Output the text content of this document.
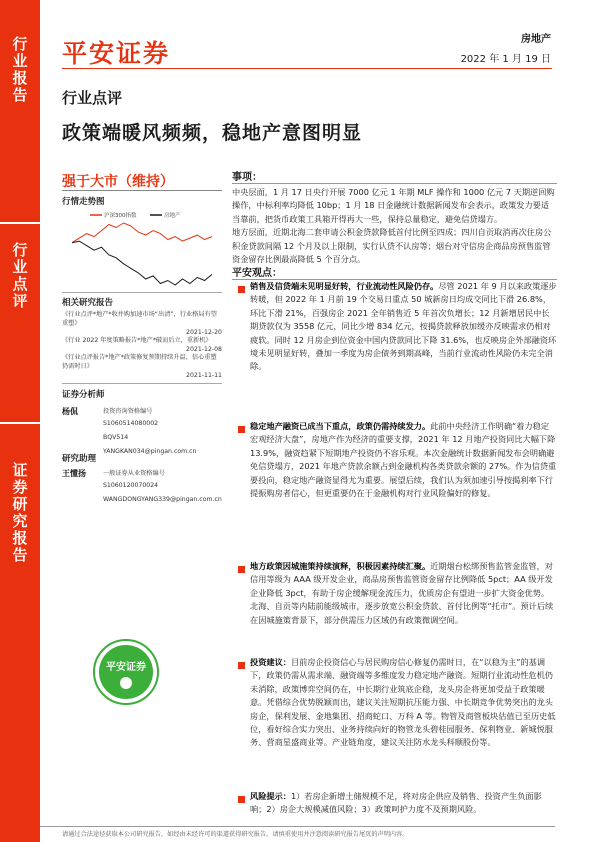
行
业
报
告
行
业
点
评
证
券
研
究
报
告
平安证券	房地产
2022 年 1 月 19 日
行业点评
政策端暖风频频，稳地产意图明显
强于大市（维持）
行情走势图
沪深300指数	房地产
相关研究报告
《行业点评*地产*收并购加速市场“出清”，行业格局有望重塑》
2021-12-20
《行业 2022 年度策略报告*地产*破而后立，重新机》
2021-12-08
《行业点评报告*地产*政策修复预期持续升温，信心重塑仍需时日》
2021-11-11
证券分析师
杨侃	投资咨询资格编号
S1060514080002
BQV514
YANGKAN034@pingan.com.cn
研究助理
王懂扬	一般证券从业资格编号
S1060120070024
WANGDONGYANG339@pingan.com.cn
平安证券
事项：

中央层面，1 月 17 日央行开展 7000 亿元 1 年期 MLF 操作和 1000 亿元 7 天期逆回购操作，中标利率均降低 10bp；1 月 18 日金融统计数据新闻发布会表示，政策发力要适当靠前，把货币政策工具箱开得再大一些，保持总量稳定，避免信贷塌方。

地方层面，近期北海二套申请公积金贷款降低首付比例至四成；四川自贡取消再次住房公积金贷款间隔 12 个月及以上限制，实行认贷不认房等；烟台对守信房企商品房预售监管资金留存比例最高降低 5 个百分点。

平安观点：

销售及信贷端未见明显好转，行业流动性风险仍存。尽管 2021 年 9 月以来政策逐步转暖，但 2022 年 1 月前 19 个交易日重点 50 城新房日均成交同比下滑 26.8%，环比下滑 21%，百强房企 2021 全年销售近 5 年首次负增长；12 月新增居民中长期贷款仅为 3558 亿元，同比少增 834 亿元，按揭贷款释放加缓亦反映需求仍相对疲软。同时 12 月房企到位资金中国内贷款同比下降 31.6%，也反映房企外部融资环境未见明显好转，叠加一季度为房企债务到期高峰，当前行业流动性风险仍未完全消除。

稳定地产融资已成当下重点，政策仍需持续发力。此前中央经济工作明确“着力稳定宏观经济大盘”，房地产作为经济的重要支撑，2021 年 12 月地产投资同比大幅下降 13.9%，融资趋紧下短期地产投资仍不容乐观。本次金融统计数据新闻发布会明确避免信贷塌方，2021 年地产贷款余额占到金融机构各类贷款余额的 27%。作为信贷重要投向，稳定地产融资显得尤为重要。展望后续，我们认为须加速引导按揭利率下行提振购房者信心，但更重要仍在于金融机构对行业风险偏好的修复。

地方政策因城施策持续演释，积极因素持续汇聚。近期烟台松绑预售监管金监管，对信用等级为 AAA 级开发企业，商品房预售监管资金留存比例降低 5pct；AA 级开发企业降低 3pct，有助于房企缓解现金流压力，优质房企有望进一步扩大资金优势。北海、自贡等内陆前能级城市，逐步放宽公积金贷款、首付比例等“托市”。预计后续在因城施策背景下，部分供需压力区域仍有政策微调空间。

投资建议：目前房企投资信心与居民购房信心修复仍需时日，在“以稳为主”的基调下，政策仍需从需求端、融资端等多维度发力稳定地产融资。短期行业流动性危机仍未消除，政策博弈空间仍在，中长期行业筑底企稳，龙头房企将更加受益于政策暖意。凭借综合优势脱颖而出，建议关注短期抗压能力强、中长期竞争优势突出的龙头房企，保利发展、金地集团、招商蛇口、万科 A 等。物管及商管板块估值已至历史低位，看好综合实力突出、业务持续向好的物管龙头碧桂园服务、保利物业、新城悦服务、营商星盛商业等。产业链角度，建议关注防水龙头科顺股份等。

风险提示：1）若房企新增土储规模不足，将对房企供应及销售、投资产生负面影响；2）房企大规模减值风险；3）政策呵护力度不及预期风险。

请通过合法途径获取本公司研究报告，如经由未经许可的渠道获得研究报告，请慎重使用并注意阅读研究报告尾页的声明内容。
